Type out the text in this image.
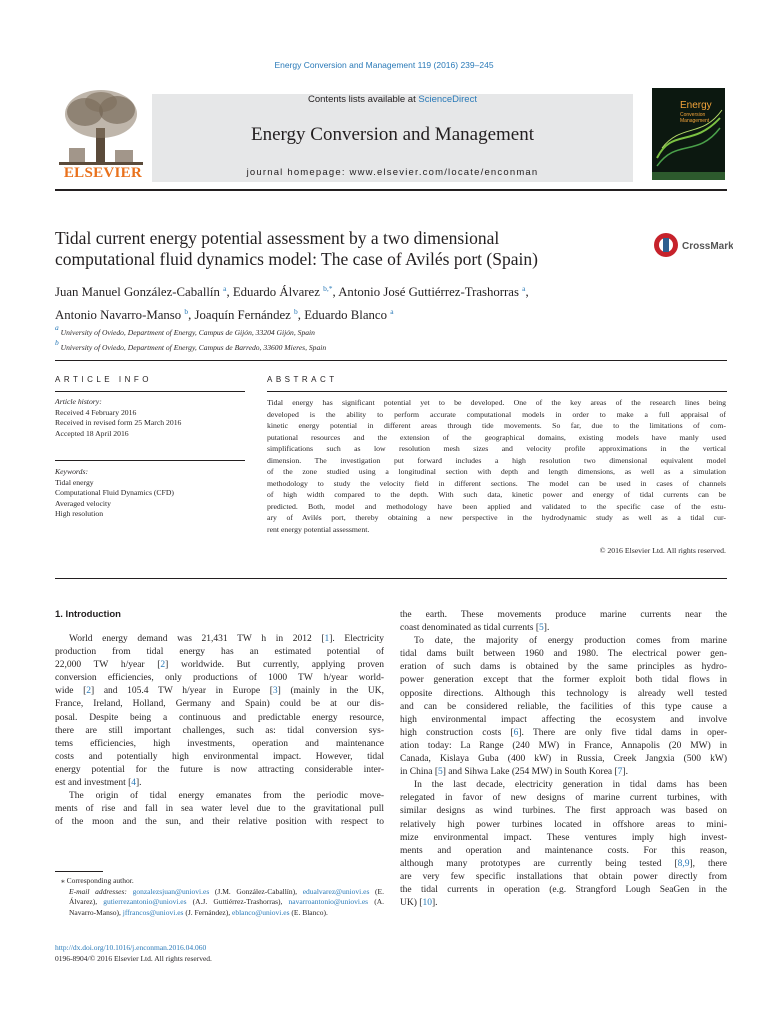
Energy Conversion and Management 119 (2016) 239–245
ELSEVIER
Contents lists available at ScienceDirect
Energy Conversion and Management
journal homepage: www.elsevier.com/locate/enconman
Energy
Conversion
Management
Tidal current energy potential assessment by a two dimensional
computational fluid dynamics model: The case of Avilés port (Spain)
CrossMark
Juan Manuel González-Caballín $^a$, Eduardo Álvarez $^{b,*}$, Antonio José Guttiérrez-Trashorras $^a$,
Antonio Navarro-Manso $^b$, Joaquín Fernández $^b$, Eduardo Blanco $^a$
$^a$ University of Oviedo, Department of Energy, Campus de Gijón, 33204 Gijón, Spain
$^b$ University of Oviedo, Department of Energy, Campus de Barredo, 33600 Mieres, Spain
ARTICLE INFO
Article history:
Received 4 February 2016
Received in revised form 25 March 2016
Accepted 18 April 2016
Keywords:
Tidal energy
Computational Fluid Dynamics (CFD)
Averaged velocity
High resolution
ABSTRACT
Tidal energy has significant potential yet to be developed. One of the key areas of the research lines being
developed is the ability to perform accurate computational models in order to make a full appraisal of
kinetic energy potential in different areas through tide movements. So far, due to the limitations of com-
putational resources and the extension of the geographical domains, existing models have manly used
simplifications such as low resolution mesh sizes and velocity profile approximations in the vertical
dimension. The investigation put forward includes a high resolution two dimensional equivalent model
of the zone studied using a longitudinal section with depth and length dimensions, as well as a simulation
methodology to study the velocity field in different sections. The model can be used in cases of channels
of high width compared to the depth. With such data, kinetic power and energy of tidal currents can be
predicted. Both, model and methodology have been applied and validated to the specific case of the estu-
ary of Avilés port, thereby obtaining a new perspective in the hydrodynamic study as well as a tidal cur-
rent energy potential assessment.
© 2016 Elsevier Ltd. All rights reserved.
1. Introduction
World energy demand was 21,431 TW h in 2012 [1]. Electricity
production from tidal energy has an estimated potential of
22,000 TW h/year [2] worldwide. But currently, applying proven
conversion efficiencies, only productions of 1000 TW h/year world-
wide [2] and 105.4 TW h/year in Europe [3] (mainly in the UK,
France, Ireland, Holland, Germany and Spain) could be at our dis-
posal. Despite being a continuous and predictable energy resource,
there are still important challenges, such as: tidal conversion sys-
tems efficiencies, high investments, operation and maintenance
costs and potentially high environmental impact. However, tidal
energy potential for the future is now attracting considerable inter-
est and investment [4].
The origin of tidal energy emanates from the periodic move-
ments of rise and fall in sea water level due to the gravitational pull
of the moon and the sun, and their relative position with respect to
the earth. These movements produce marine currents near the
coast denominated as tidal currents [5].
To date, the majority of energy production comes from marine
tidal dams built between 1960 and 1980. The electrical power gen-
eration of such dams is obtained by the same principles as hydro-
power generation except that the former exploit both tidal flows in
opposite directions. Although this technology is already well tested
and can be considered reliable, the facilities of this type cause a
high environmental impact affecting the ecosystem and involve
high construction costs [6]. There are only five tidal dams in oper-
ation today: La Range (240 MW) in France, Annapolis (20 MW) in
Canada, Kislaya Guba (400 kW) in Russia, Creek Jangxia (500 kW)
in China [5] and Sihwa Lake (254 MW) in South Korea [7].
In the last decade, electricity generation in tidal dams has been
relegated in favor of new designs of marine current turbines, with
similar designs as wind turbines. The first approach was based on
relatively high power turbines located in offshore areas to mini-
mize environmental impact. These ventures imply high invest-
ments and operation and maintenance costs. For this reason,
although many prototypes are currently being tested [8,9], there
are very few specific installations that obtain power directly from
the tidal currents in operation (e.g. Strangford Lough SeaGen in the
UK) [10].
⁎ Corresponding author.
E-mail addresses: gonzalezsjuan@uniovi.es (J.M. González-Caballín), edualvarez@uniovi.es (E. Álvarez), gutierrezantonio@uniovi.es (A.J. Guttiérrez-Trashorras), navarroantonio@uniovi.es (A. Navarro-Manso), jffrancos@uniovi.es (J. Fernández), eblanco@uniovi.es (E. Blanco).
http://dx.doi.org/10.1016/j.enconman.2016.04.060
0196-8904/© 2016 Elsevier Ltd. All rights reserved.
